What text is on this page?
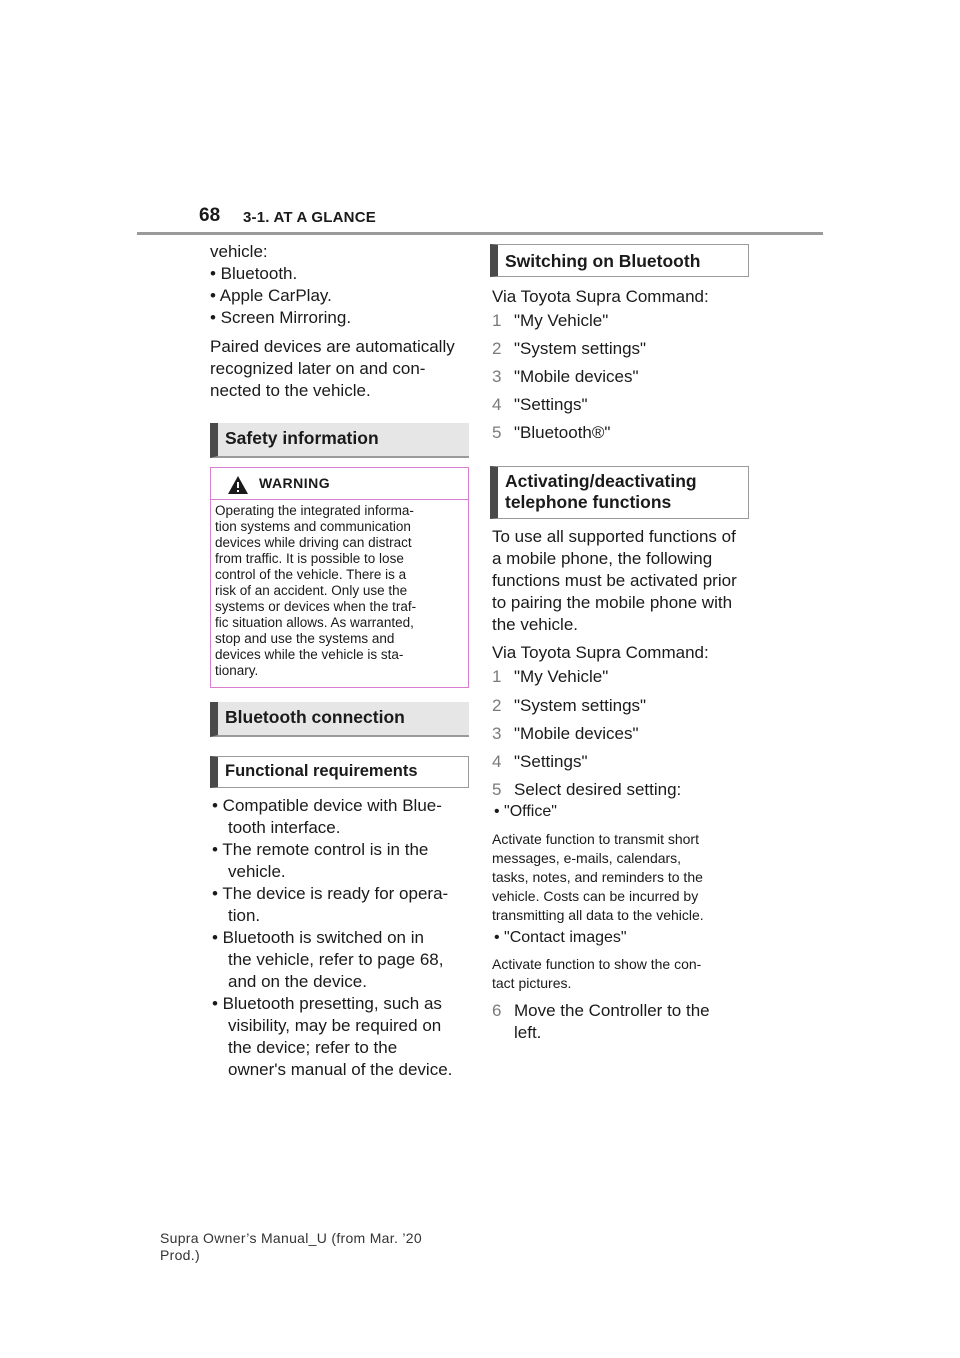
68 3-1. AT A GLANCE
vehicle:
• Bluetooth.
• Apple CarPlay.
• Screen Mirroring.
Paired devices are automatically
recognized later on and con-
nected to the vehicle.
Safety information
WARNING
Operating the integrated informa-
tion systems and communication
devices while driving can distract
from traffic. It is possible to lose
control of the vehicle. There is a
risk of an accident. Only use the
systems or devices when the traf-
fic situation allows. As warranted,
stop and use the systems and
devices while the vehicle is sta-
tionary.
Bluetooth connection
Functional requirements
• Compatible device with Blue-
tooth interface.
• The remote control is in the
vehicle.
• The device is ready for opera-
tion.
• Bluetooth is switched on in
the vehicle, refer to page 68,
and on the device.
• Bluetooth presetting, such as
visibility, may be required on
the device; refer to the
owner's manual of the device.
Switching on Bluetooth
Via Toyota Supra Command:
1 "My Vehicle"
2 "System settings"
3 "Mobile devices"
4 "Settings"
5 "Bluetooth®"
Activating/deactivating
telephone functions
To use all supported functions of
a mobile phone, the following
functions must be activated prior
to pairing the mobile phone with
the vehicle.
Via Toyota Supra Command:
1 "My Vehicle"
2 "System settings"
3 "Mobile devices"
4 "Settings"
5 Select desired setting:
• "Office"
Activate function to transmit short
messages, e-mails, calendars,
tasks, notes, and reminders to the
vehicle. Costs can be incurred by
transmitting all data to the vehicle.
• "Contact images"
Activate function to show the con-
tact pictures.
6 Move the Controller to the
left.
Supra Owner’s Manual_U (from Mar. ’20
Prod.)
